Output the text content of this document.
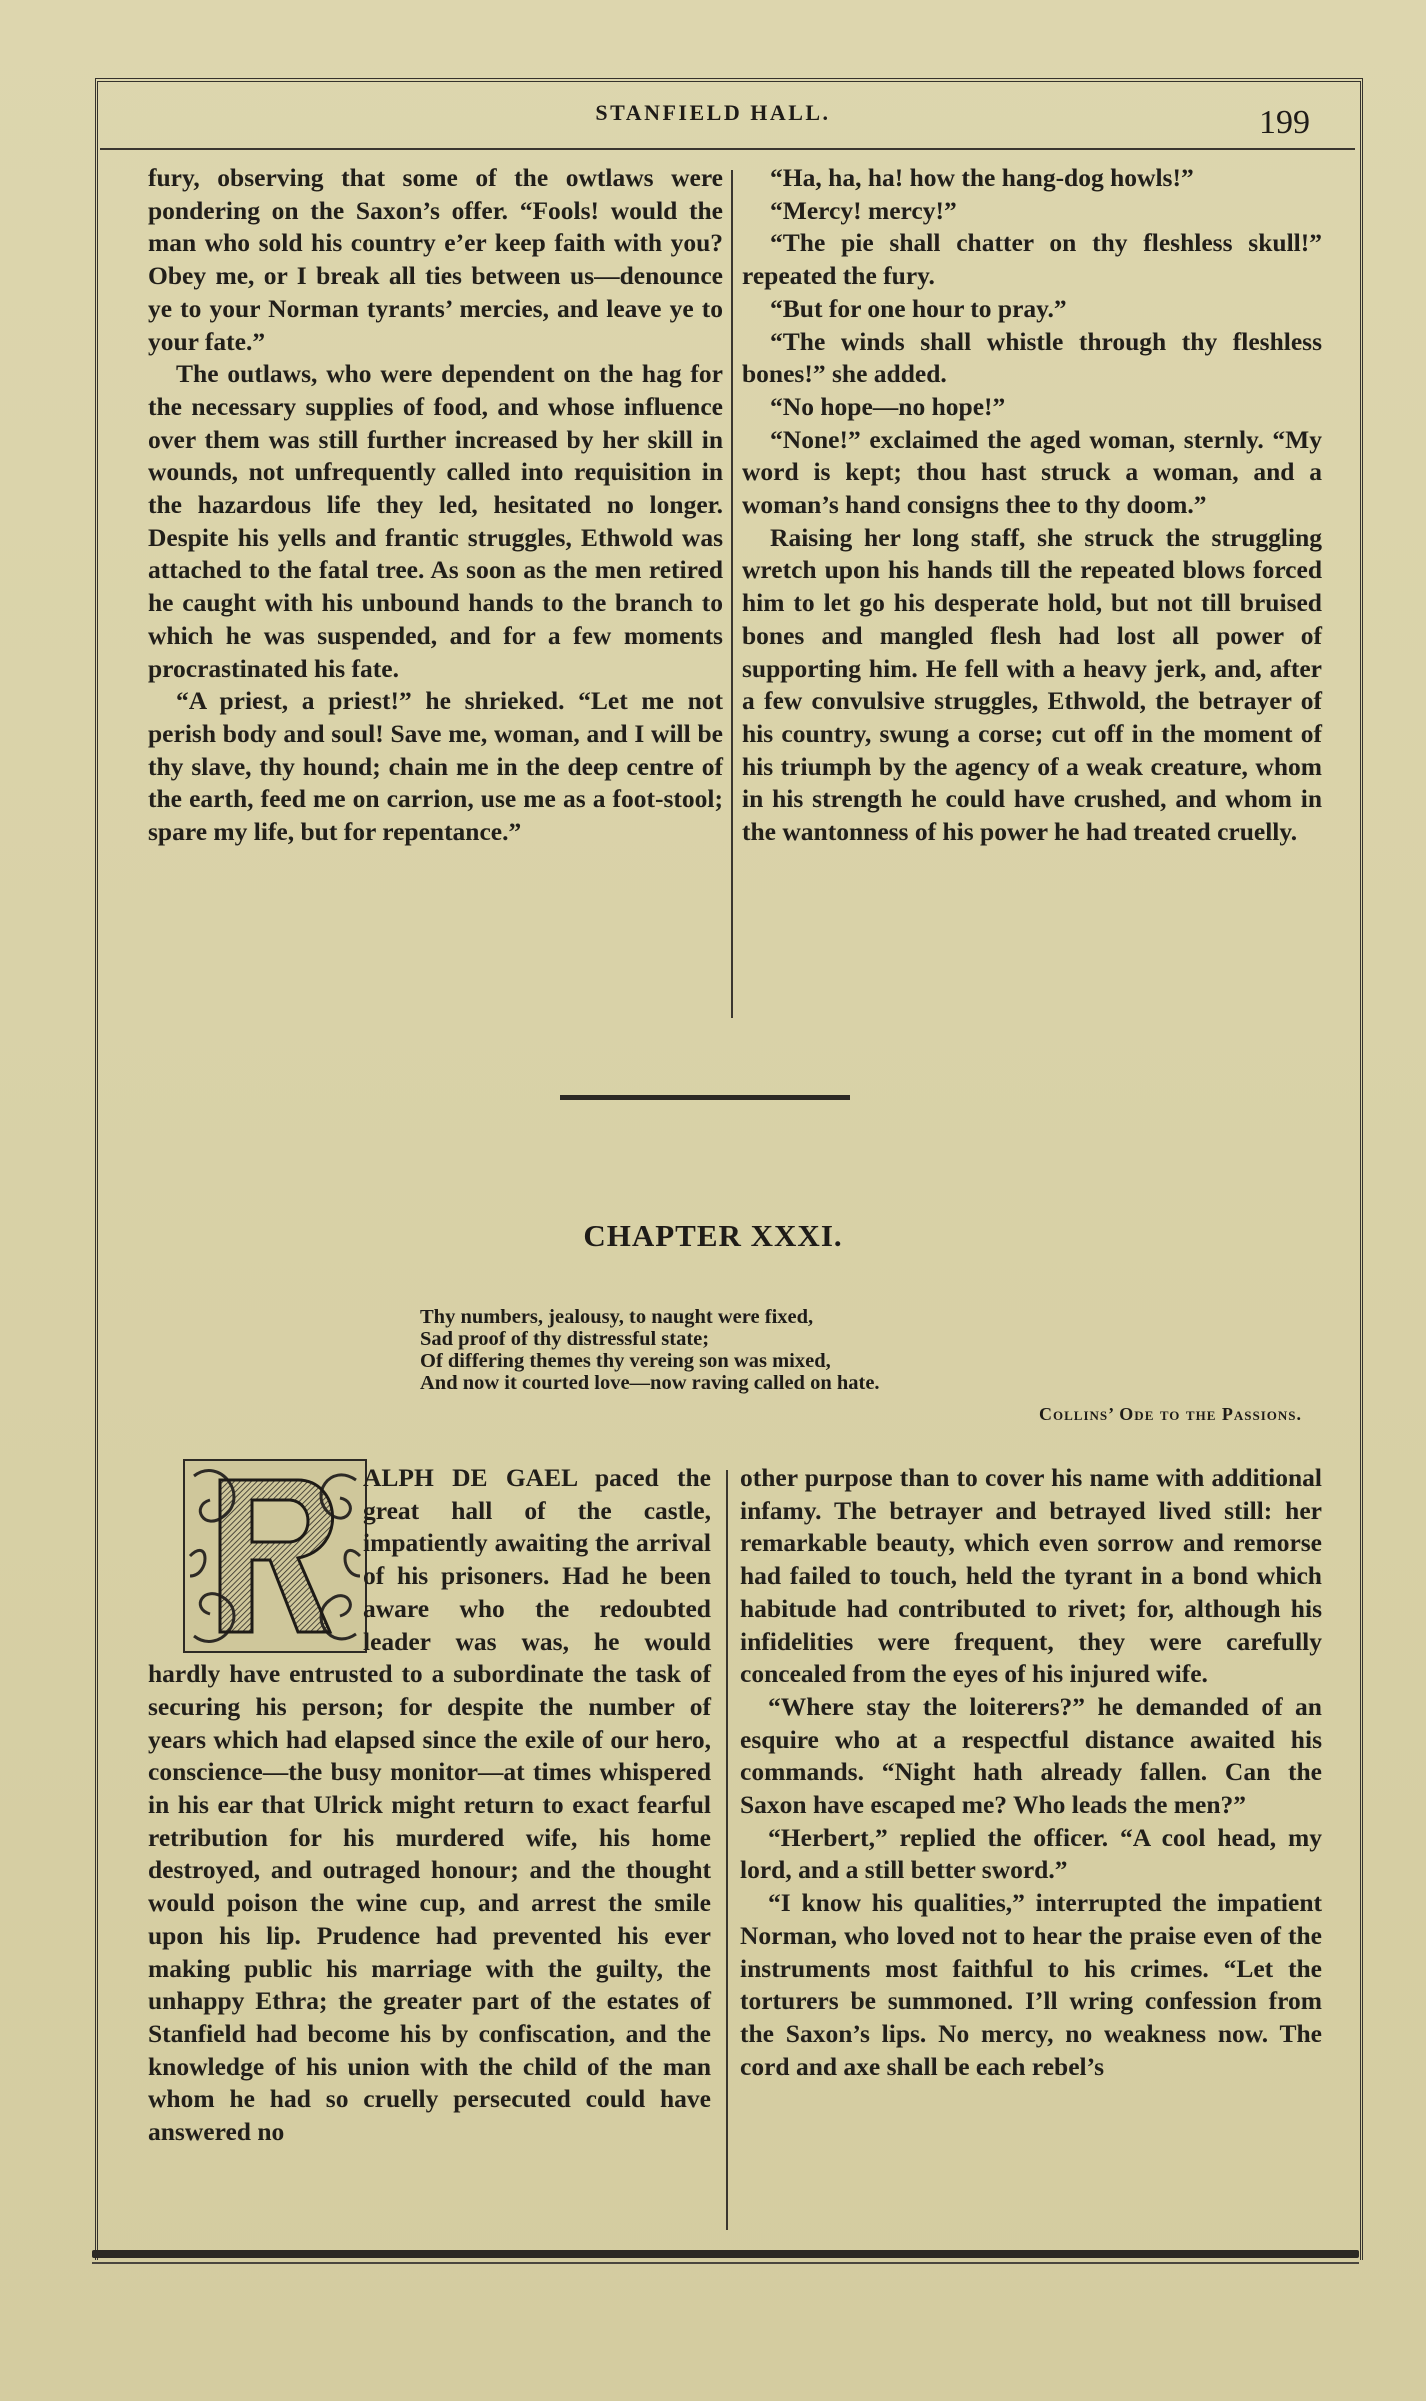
STANFIELD HALL.	199

fury, observing that some of the owtlaws were pondering on the Saxon’s offer. “Fools! would the man who sold his country e’er keep faith with you? Obey me, or I break all ties between us—denounce ye to your Norman tyrants’ mercies, and leave ye to your fate.”

The outlaws, who were dependent on the hag for the necessary supplies of food, and whose influence over them was still further increased by her skill in wounds, not unfrequently called into requisition in the hazardous life they led, hesitated no longer. Despite his yells and frantic struggles, Ethwold was attached to the fatal tree. As soon as the men retired he caught with his unbound hands to the branch to which he was suspended, and for a few moments procrastinated his fate.

“A priest, a priest!” he shrieked. “Let me not perish body and soul! Save me, woman, and I will be thy slave, thy hound; chain me in the deep centre of the earth, feed me on carrion, use me as a foot-stool; spare my life, but for repentance.”

“Ha, ha, ha! how the hang-dog howls!”

“Mercy! mercy!”

“The pie shall chatter on thy fleshless skull!” repeated the fury.

“But for one hour to pray.”

“The winds shall whistle through thy fleshless bones!” she added.

“No hope—no hope!”

“None!” exclaimed the aged woman, sternly. “My word is kept; thou hast struck a woman, and a woman’s hand consigns thee to thy doom.”

Raising her long staff, she struck the struggling wretch upon his hands till the repeated blows forced him to let go his desperate hold, but not till bruised bones and mangled flesh had lost all power of supporting him. He fell with a heavy jerk, and, after a few convulsive struggles, Ethwold, the betrayer of his country, swung a corse; cut off in the moment of his triumph by the agency of a weak creature, whom in his strength he could have crushed, and whom in the wantonness of his power he had treated cruelly.

CHAPTER XXXI.
Thy numbers, jealousy, to naught were fixed,
Sad proof of thy distressful state;
Of differing themes thy vereing son was mixed,
And now it courted love—now raving called on hate.
Collins’ Ode to the Passions.

ALPH DE GAEL paced the great hall of the castle, impatiently awaiting the arrival of his prisoners. Had he been aware who the redoubted leader was was, he would hardly have entrusted to a subordinate the task of securing his person; for despite the number of years which had elapsed since the exile of our hero, conscience—the busy monitor—at times whispered in his ear that Ulrick might return to exact fearful retribution for his murdered wife, his home destroyed, and outraged honour; and the thought would poison the wine cup, and arrest the smile upon his lip. Prudence had prevented his ever making public his marriage with the guilty, the unhappy Ethra; the greater part of the estates of Stanfield had become his by confiscation, and the knowledge of his union with the child of the man whom he had so cruelly persecuted could have answered no

other purpose than to cover his name with additional infamy. The betrayer and betrayed lived still: her remarkable beauty, which even sorrow and remorse had failed to touch, held the tyrant in a bond which habitude had contributed to rivet; for, although his infidelities were frequent, they were carefully concealed from the eyes of his injured wife.

“Where stay the loiterers?” he demanded of an esquire who at a respectful distance awaited his commands. “Night hath already fallen. Can the Saxon have escaped me? Who leads the men?”

“Herbert,” replied the officer. “A cool head, my lord, and a still better sword.”

“I know his qualities,” interrupted the impatient Norman, who loved not to hear the praise even of the instruments most faithful to his crimes. “Let the torturers be summoned. I’ll wring confession from the Saxon’s lips. No mercy, no weakness now. The cord and axe shall be each rebel’s
